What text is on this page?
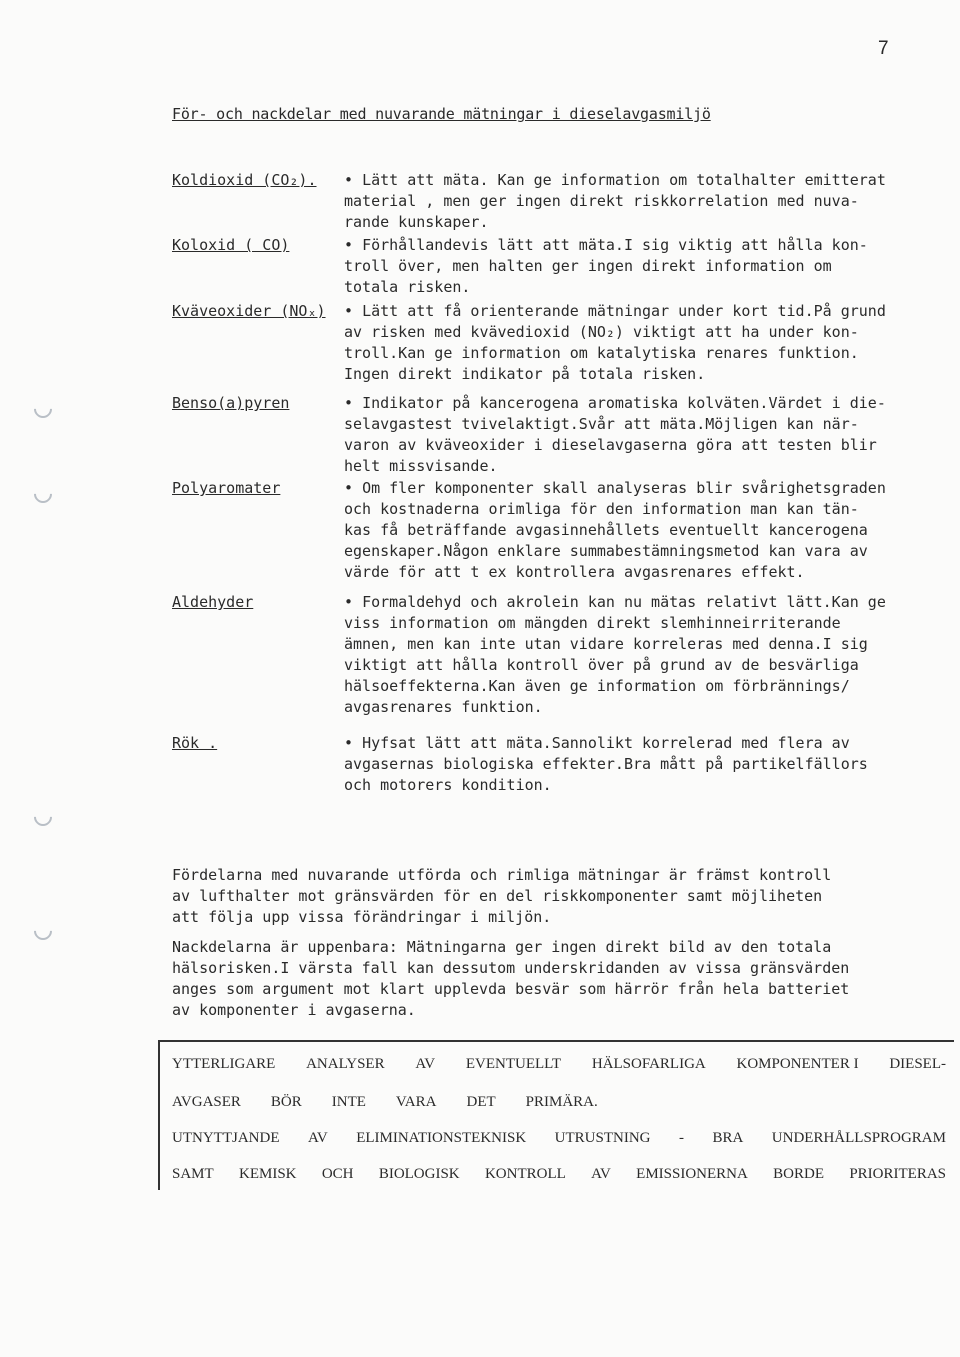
7
För- och nackdelar med nuvarande mätningar i dieselavgasmiljö
Koldioxid (CO₂).	• Lätt att mäta. Kan ge information om totalhalter emitterat
material , men ger ingen direkt riskkorrelation med nuva-
rande kunskaper.
Koloxid ( CO)	• Förhållandevis lätt att mäta.I sig viktig att hålla kon-
troll över, men halten ger ingen direkt information om
totala risken.
Kväveoxider (NOₓ)	• Lätt att få orienterande mätningar under kort tid.På grund
av risken med kvävedioxid (NO₂) viktigt att ha under kon-
troll.Kan ge information om katalytiska renares funktion.
Ingen direkt indikator på totala risken.
Benso(a)pyren	• Indikator på kancerogena aromatiska kolväten.Värdet i die-
selavgastest tvivelaktigt.Svår att mäta.Möjligen kan när-
varon av kväveoxider i dieselavgaserna göra att testen blir
helt missvisande.
Polyaromater	• Om fler komponenter skall analyseras blir svårighetsgraden
och kostnaderna orimliga för den information man kan tän-
kas få beträffande avgasinnehållets eventuellt kancerogena
egenskaper.Någon enklare summabestämningsmetod kan vara av
värde för att t ex kontrollera avgasrenares effekt.
Aldehyder	• Formaldehyd och akrolein kan nu mätas relativt lätt.Kan ge
viss information om mängden direkt slemhinneirriterande
ämnen, men kan inte utan vidare korreleras med denna.I sig
viktigt att hålla kontroll över på grund av de besvärliga
hälsoeffekterna.Kan även ge information om förbrännings/
avgasrenares funktion.
Rök .	• Hyfsat lätt att mäta.Sannolikt korrelerad med flera av
avgasernas biologiska effekter.Bra mått på partikelfällors
och motorers kondition.
Fördelarna med nuvarande utförda och rimliga mätningar är främst kontroll
av lufthalter mot gränsvärden för en del riskkomponenter samt möjliheten
att följa upp vissa förändringar i miljön.
Nackdelarna är uppenbara: Mätningarna ger ingen direkt bild av den totala
hälsorisken.I värsta fall kan dessutom underskridanden av vissa gränsvärden
anges som argument mot klart upplevda besvär som härrör från hela batteriet
av komponenter i avgaserna.
YTTERLIGARE ANALYSER AV EVENTUELLT HÄLSOFARLIGA KOMPONENTER I DIESEL-
AVGASER BÖR INTE VARA DET PRIMÄRA.
UTNYTTJANDE AV ELIMINATIONSTEKNISK UTRUSTNING - BRA UNDERHÅLLSPROGRAM
SAMT KEMISK OCH BIOLOGISK KONTROLL AV EMISSIONERNA BORDE PRIORITERAS
